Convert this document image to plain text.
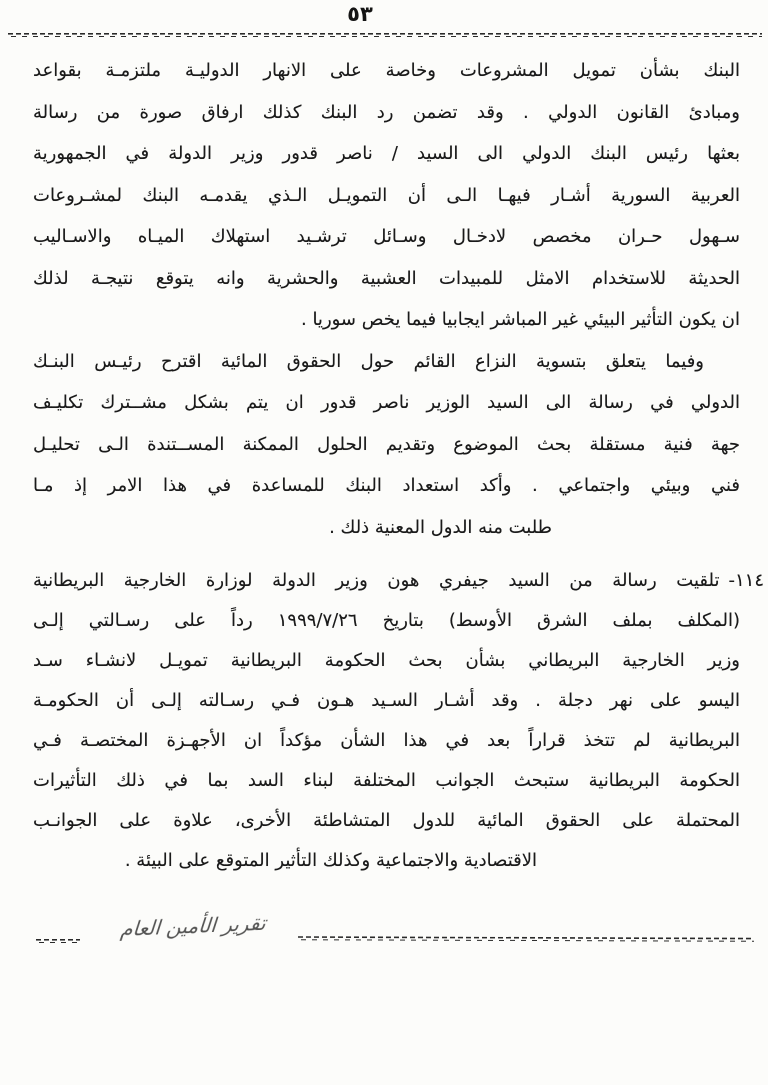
٥٣
البنك بشأن تمويل المشروعات وخاصة على الانهار الدوليـة ملتزمـة بقواعد
ومبادئ القانون الدولي . وقد تضمن رد البنك كذلك ارفاق صورة من رسالة
بعثها رئيس البنك الدولي الى السيد / ناصر قدور وزير الدولة في الجمهورية
العربية السورية أشـار فيهـا الـى أن التمويـل الـذي يقدمـه البنك لمشـروعات
سـهول حـران مخصص لادخـال وسـائل ترشـيد استهلاك الميـاه والاسـاليب
الحديثة للاستخدام الامثل للمبيدات العشبية والحشرية وانه يتوقع نتيجـة لذلك
ان يكون التأثير البيئي غير المباشر ايجابيا فيما يخص سوريا .
وفيما يتعلق بتسوية النزاع القائم حول الحقوق المائية اقترح رئيـس البنـك
الدولي في رسالة الى السيد الوزير ناصر قدور ان يتم بشكل مشــترك تكليـف
جهة فنية مستقلة بحث الموضوع وتقديم الحلول الممكنة المســتندة الـى تحليـل
فني وبيئي واجتماعي . وأكد استعداد البنك للمساعدة في هذا الامر إذ مـا
طلبت منه الدول المعنية ذلك .
١١٤-تلقيت رسالة من السيد جيفري هون وزير الدولة لوزارة الخارجية البريطانية
(المكلف بملف الشرق الأوسط) بتاريخ ١٩٩٩/٧/٢٦ رداً على رسـالتي إلـى
وزير الخارجية البريطاني بشأن بحث الحكومة البريطانية تمويـل لانشـاء سـد
اليسو على نهر دجلة . وقد أشـار السـيد هـون فـي رسـالته إلـى أن الحكومـة
البريطانية لم تتخذ قراراً بعد في هذا الشأن مؤكداً ان الأجهـزة المختصـة فـي
الحكومة البريطانية ستبحث الجوانب المختلفة لبناء السد بما في ذلك التأثيرات
المحتملة على الحقوق المائية للدول المتشاطئة الأخرى، علاوة على الجوانـب
الاقتصادية والاجتماعية وكذلك التأثير المتوقع على البيئة .
تقرير الأمين العام
